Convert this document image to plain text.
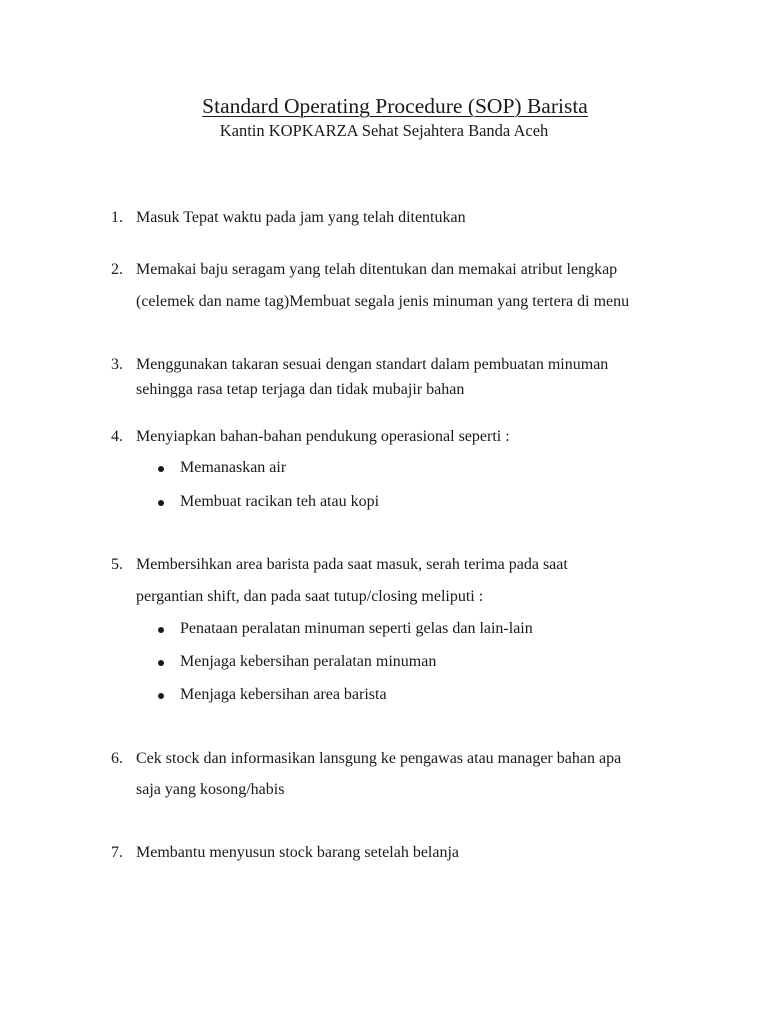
Standard Operating Procedure (SOP) Barista
Kantin KOPKARZA Sehat Sejahtera Banda Aceh
1. Masuk Tepat waktu pada jam yang telah ditentukan
2. Memakai baju seragam yang telah ditentukan dan memakai atribut lengkap
(celemek dan name tag)Membuat segala jenis minuman yang tertera di menu
3. Menggunakan takaran sesuai dengan standart dalam pembuatan minuman
sehingga rasa tetap terjaga dan tidak mubajir bahan
4. Menyiapkan bahan-bahan pendukung operasional seperti :
Memanaskan air
Membuat racikan teh atau kopi
5. Membersihkan area barista pada saat masuk, serah terima pada saat
pergantian shift, dan pada saat tutup/closing meliputi :
Penataan peralatan minuman seperti gelas dan lain-lain
Menjaga kebersihan peralatan minuman
Menjaga kebersihan area barista
6. Cek stock dan informasikan lansgung ke pengawas atau manager bahan apa
saja yang kosong/habis
7. Membantu menyusun stock barang setelah belanja
